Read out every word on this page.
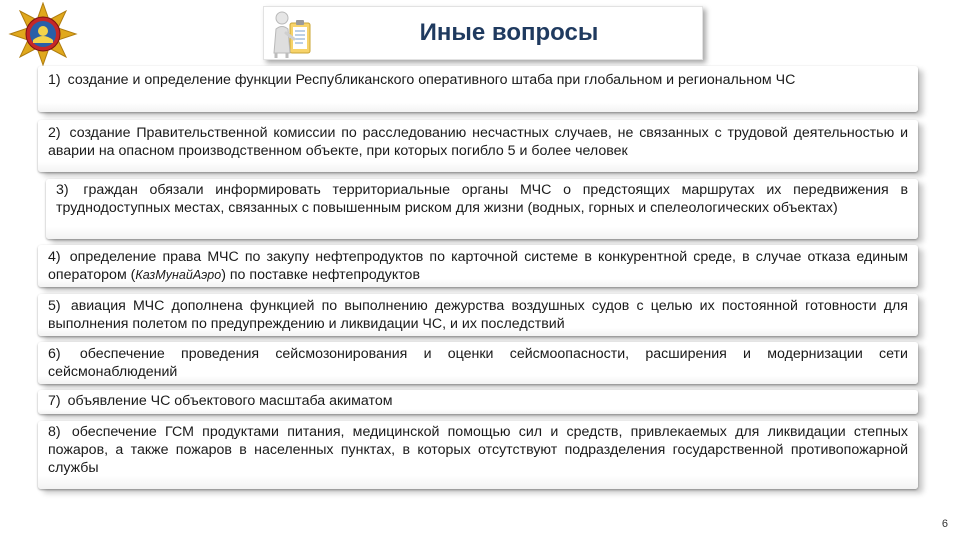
Иные вопросы
1) создание и определение функции Республиканского оперативного штаба при глобальном и региональном ЧС
2) создание Правительственной комиссии по расследованию несчастных случаев, не связанных с трудовой деятельностью и аварии на опасном производственном объекте, при которых погибло 5 и более человек
3) граждан обязали информировать территориальные органы МЧС о предстоящих маршрутах их передвижения в труднодоступных местах, связанных с повышенным риском для жизни (водных, горных и спелеологических объектах)
4) определение права МЧС по закупу нефтепродуктов по карточной системе в конкурентной среде, в случае отказа единым оператором (КазМунайАэро) по поставке нефтепродуктов
5) авиация МЧС дополнена функцией по выполнению дежурства воздушных судов с целью их постоянной готовности для выполнения полетом по предупреждению и ликвидации ЧС, и их последствий
6) обеспечение проведения сейсмозонирования и оценки сейсмоопасности, расширения и модернизации сети сейсмонаблюдений
7) объявление ЧС объектового масштаба акиматом
8) обеспечение ГСМ продуктами питания, медицинской помощью сил и средств, привлекаемых для ликвидации степных пожаров, а также пожаров в населенных пунктах, в которых отсутствуют подразделения государственной противопожарной службы
6
